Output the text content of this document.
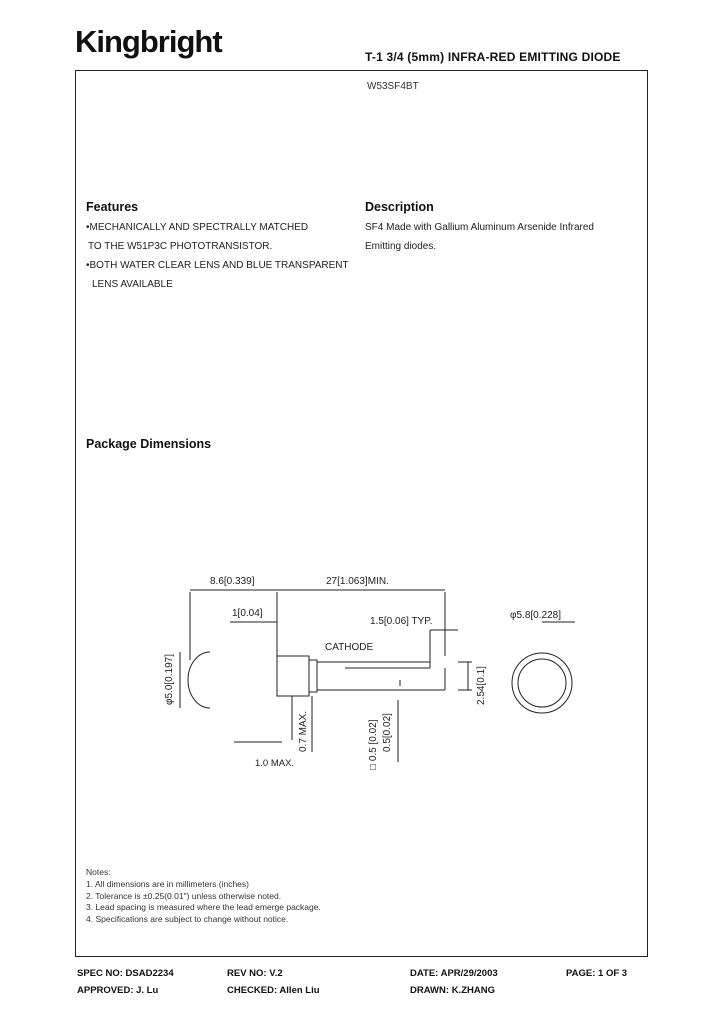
Kingbright	T-1 3/4 (5mm) INFRA-RED EMITTING DIODE
W53SF4BT
Features
•MECHANICALLY AND SPECTRALLY MATCHED
TO THE W51P3C PHOTOTRANSISTOR.
•BOTH WATER CLEAR LENS AND BLUE TRANSPARENT
LENS AVAILABLE
Description
SF4 Made with Gallium Aluminum Arsenide Infrared
Emitting diodes.
Package Dimensions
8.6[0.339]	27[1.063]MIN.
1[0.04]
1.5[0.06] TYP.
φ5.8[0.228]
CATHODE
1.0 MAX.
φ5.0[0.197]	2.54[0.1]
0.7 MAX.	□ 0.5 [0.02] 0.5[0.02]
Notes:
1. All dimensions are in millimeters (inches)
2. Tolerance is ±0.25(0.01") unless otherwise noted.
3. Lead spacing is measured where the lead emerge package.
4. Specifications are subject to change without notice.
SPEC NO: DSAD2234	REV NO: V.2	DATE: APR/29/2003	PAGE: 1 OF 3
APPROVED: J. Lu	CHECKED: Allen Liu	DRAWN: K.ZHANG
